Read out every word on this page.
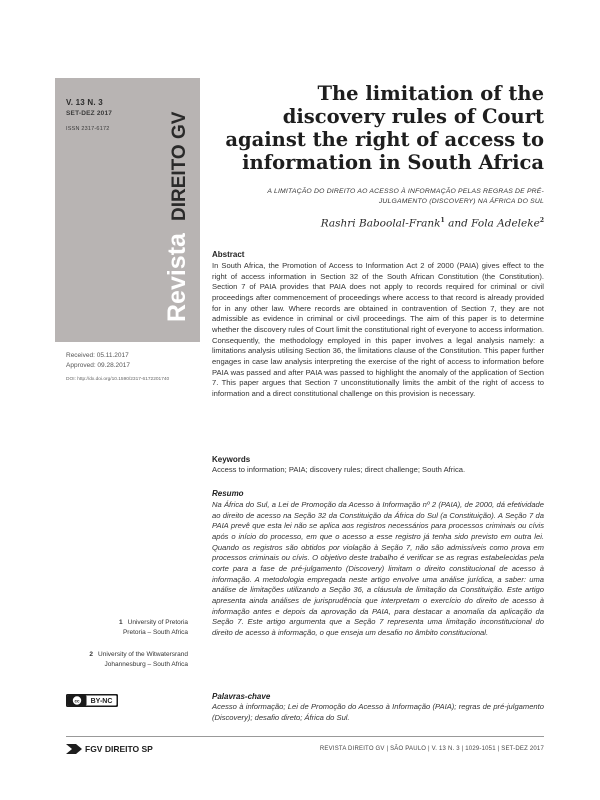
Revista
DIREITO GV
V. 13 N. 3
SET-DEZ 2017
ISSN 2317-6172
Received: 05.11.2017
Approved: 09.28.2017
DOI: http://dx.doi.org/10.1590/2317-6172201740
The limitation of the discovery rules of Court against the right of access to information in South Africa
A LIMITAÇÃO DO DIREITO AO ACESSO À INFORMAÇÃO PELAS REGRAS DE PRÉ-JULGAMENTO (DISCOVERY) NA ÁFRICA DO SUL
Rashri Baboolal-Frank$^1$ and Fola Adeleke$^2$
Abstract
In South Africa, the Promotion of Access to Information Act 2 of 2000 (PAIA) gives effect to the right of access information in Section 32 of the South African Constitution (the Constitution). Section 7 of PAIA provides that PAIA does not apply to records required for criminal or civil proceedings after commencement of proceedings where access to that record is already provided for in any other law. Where records are obtained in contravention of Section 7, they are not admissible as evidence in criminal or civil proceedings. The aim of this paper is to determine whether the discovery rules of Court limit the constitutional right of everyone to access information. Consequently, the methodology employed in this paper involves a legal analysis namely: a limitations analysis utilising Section 36, the limitations clause of the Constitution. This paper further engages in case law analysis interpreting the exercise of the right of access to information before PAIA was passed and after PAIA was passed to highlight the anomaly of the application of Section 7. This paper argues that Section 7 unconstitutionally limits the ambit of the right of access to information and a direct constitutional challenge on this provision is necessary.
Keywords
Access to information; PAIA; discovery rules; direct challenge; South Africa.
Resumo
Na África do Sul, a Lei de Promoção da Acesso à Informação nº 2 (PAIA), de 2000, dá efetividade ao direito de acesso na Seção 32 da Constituição da África do Sul (a Constituição). A Seção 7 da PAIA prevê que esta lei não se aplica aos registros necessários para processos criminais ou cívis após o início do processo, em que o acesso a esse registro já tenha sido previsto em outra lei. Quando os registros são obtidos por violação à Seção 7, não são admissíveis como prova em processos criminais ou cívis. O objetivo deste trabalho é verificar se as regras estabelecidas pela corte para a fase de pré-julgamento (Discovery) limitam o direito constitucional de acesso à informação. A metodologia empregada neste artigo envolve uma análise jurídica, a saber: uma análise de limitações utilizando a Seção 36, a cláusula de limitação da Constituição. Este artigo apresenta ainda análises de jurisprudência que interpretam o exercício do direito de acesso à informação antes e depois da aprovação da PAIA, para destacar a anomalia da aplicação da Seção 7. Este artigo argumenta que a Seção 7 representa uma limitação inconstitucional do direito de acesso à informação, o que enseja um desafio no âmbito constitucional.
Palavras-chave
Acesso à informação; Lei de Promoção do Acesso à Informação (PAIA); regras de pré-julgamento (Discovery); desafio direto; África do Sul.
1 University of Pretoria
Pretoria – South Africa
2 University of the Witwatersrand
Johannesburg – South Africa
cc BY-NC
FGV DIREITO SP	REVISTA DIREITO GV | SÃO PAULO | V. 13 N. 3 | 1029-1051 | SET-DEZ 2017
